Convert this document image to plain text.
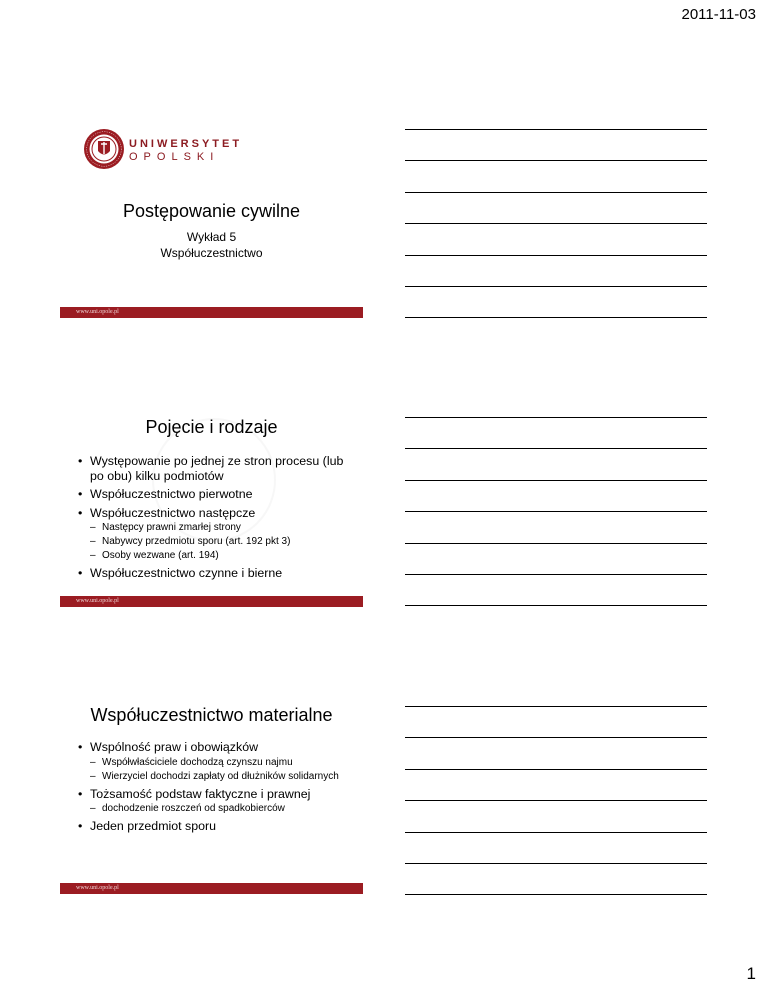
2011-11-03
UNIWERSYTET
OPOLSKI
Postępowanie cywilne
Wykład 5
Współuczestnictwo
www.uni.opole.pl
Pojęcie i rodzaje
• Występowanie po jednej ze stron procesu (lub po obu) kilku podmiotów
• Współuczestnictwo pierwotne
• Współuczestnictwo następcze
– Następcy prawni zmarłej strony
– Nabywcy przedmiotu sporu (art. 192 pkt 3)
– Osoby wezwane (art. 194)
• Współuczestnictwo czynne i bierne
www.uni.opole.pl
Współuczestnictwo materialne
• Wspólność praw i obowiązków
– Współwłaściciele dochodzą czynszu najmu
– Wierzyciel dochodzi zapłaty od dłużników solidarnych
• Tożsamość podstaw faktyczne i prawnej
– dochodzenie roszczeń od spadkobierców
• Jeden przedmiot sporu
www.uni.opole.pl
1
